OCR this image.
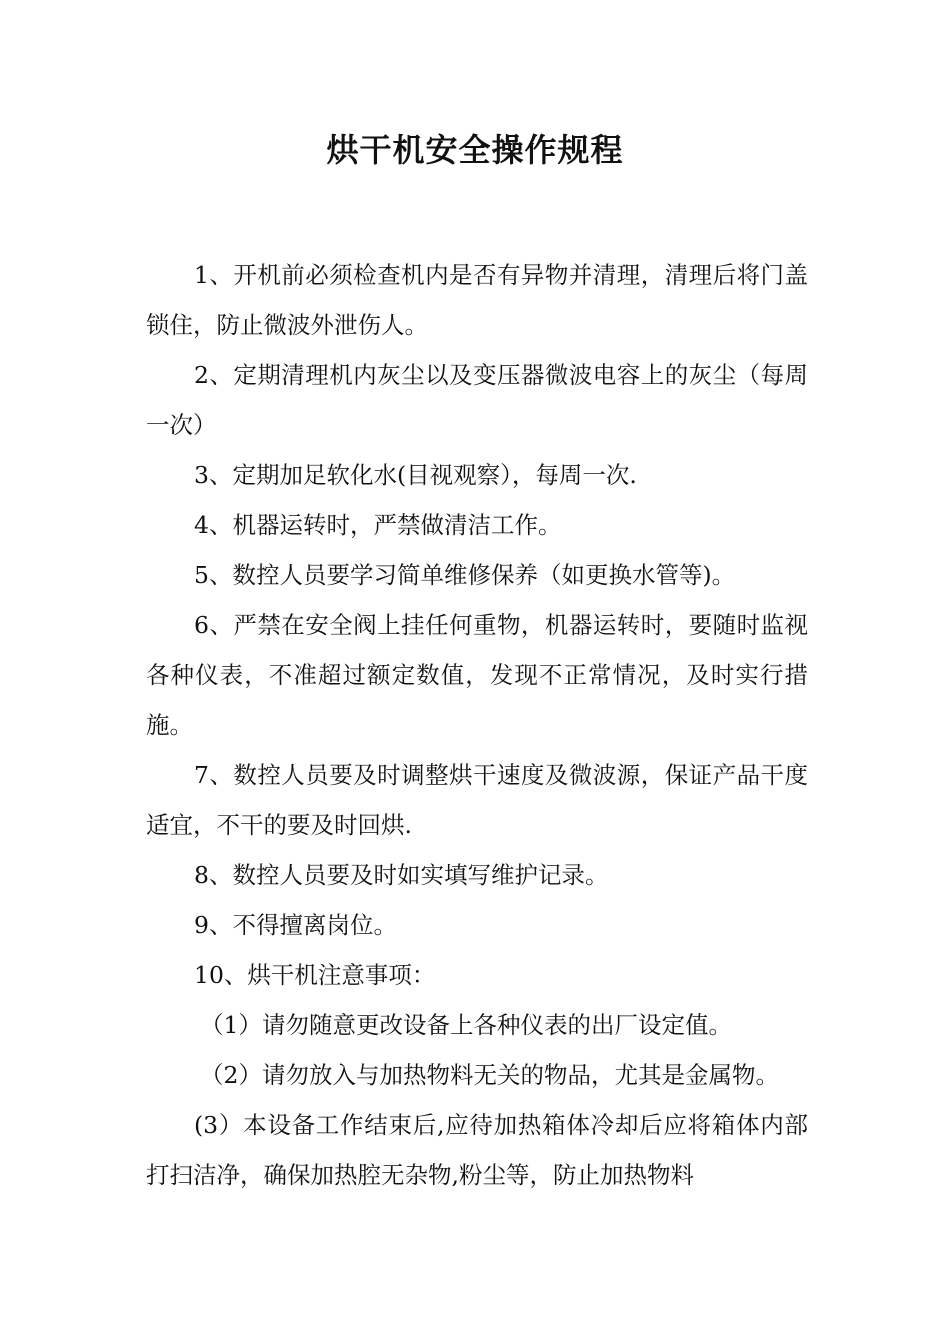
烘干机安全操作规程

1、开机前必须检查机内是否有异物并清理，清理后将门盖锁住，防止微波外泄伤人。

2、定期清理机内灰尘以及变压器微波电容上的灰尘（每周一次）

3、定期加足软化水(目视观察），每周一次.

4、机器运转时，严禁做清洁工作。

5、数控人员要学习简单维修保养（如更换水管等)。

6、严禁在安全阀上挂任何重物，机器运转时，要随时监视各种仪表，不准超过额定数值，发现不正常情况，及时实行措施。

7、数控人员要及时调整烘干速度及微波源，保证产品干度适宜，不干的要及时回烘.

8、数控人员要及时如实填写维护记录。

9、不得擅离岗位。

10、烘干机注意事项：

（1）请勿随意更改设备上各种仪表的出厂设定值。

（2）请勿放入与加热物料无关的物品，尤其是金属物。

(3）本设备工作结束后,应待加热箱体冷却后应将箱体内部打扫洁净，确保加热腔无杂物,粉尘等，防止加热物料
